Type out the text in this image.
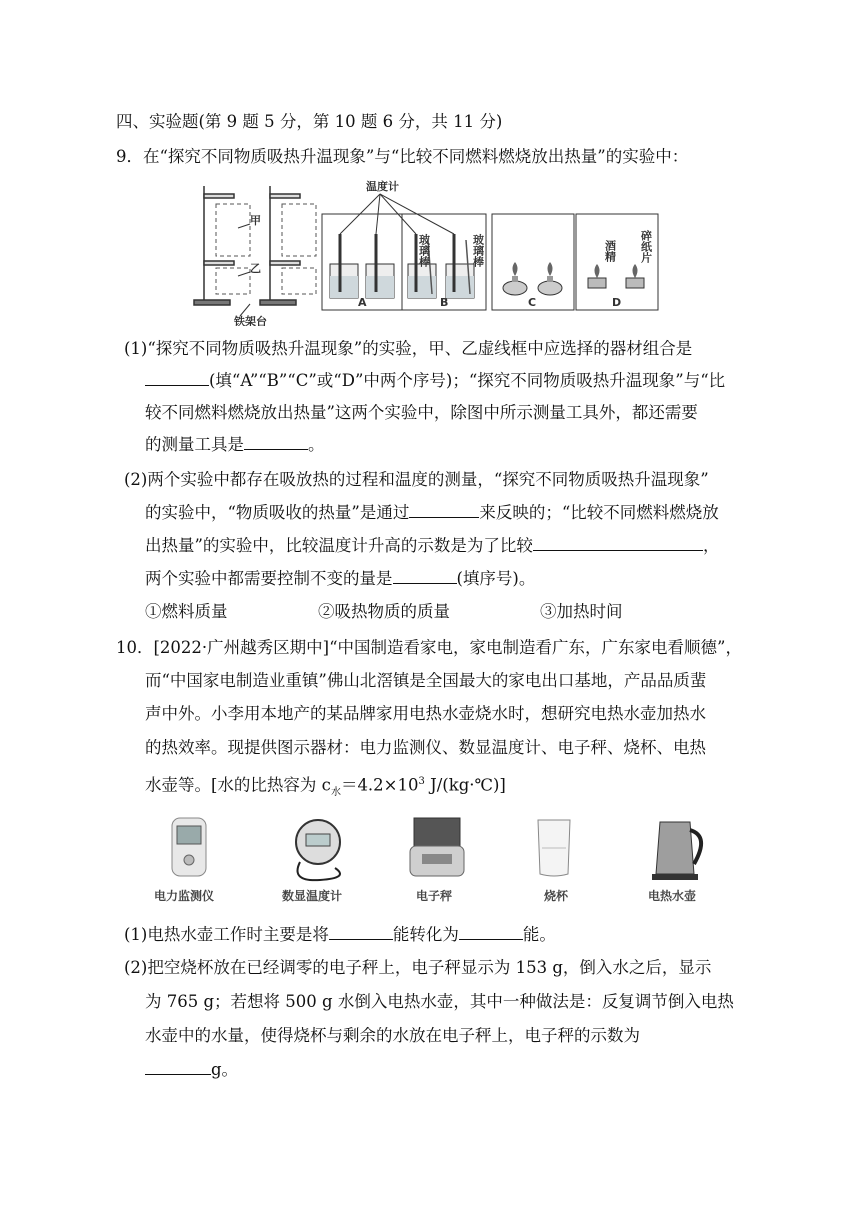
四、实验题(第 9 题 5 分，第 10 题 6 分，共 11 分)
9．在“探究不同物质吸热升温现象”与“比较不同燃料燃烧放出热量”的实验中：
甲
乙
铁架台
A	B
玻璃棒	玻璃棒
温度计
C	D
酒精 碎纸片
(1)“探究不同物质吸热升温现象”的实验，甲、乙虚线框中应选择的器材组合是
(填“A”“B”“C”或“D”中两个序号)；“探究不同物质吸热升温现象”与“比
较不同燃料燃烧放出热量”这两个实验中，除图中所示测量工具外，都还需要
的测量工具是	。
(2)两个实验中都存在吸放热的过程和温度的测量，“探究不同物质吸热升温现象”
的实验中，“物质吸收的热量”是通过	来反映的；“比较不同燃料燃烧放
出热量”的实验中，比较温度计升高的示数是为了比较	，
两个实验中都需要控制不变的量是	(填序号)。
①燃料质量	②吸热物质的质量	③加热时间
10．[2022·广州越秀区期中]“中国制造看家电，家电制造看广东，广东家电看顺德”，
而“中国家电制造业重镇”佛山北滘镇是全国最大的家电出口基地，产品品质蜚
声中外。小李用本地产的某品牌家用电热水壶烧水时，想研究电热水壶加热水
的热效率。现提供图示器材：电力监测仪、数显温度计、电子秤、烧杯、电热
水壶等。[水的比热容为 $c_水=4.2\times 10^3$ J/(kg·℃)]
电力监测仪	数显温度计	电子秤	烧杯	电热水壶
(1)电热水壶工作时主要是将	能转化为	能。
(2)把空烧杯放在已经调零的电子秤上，电子秤显示为 153 g，倒入水之后，显示
为 765 g；若想将 500 g 水倒入电热水壶，其中一种做法是：反复调节倒入电热
水壶中的水量，使得烧杯与剩余的水放在电子秤上，电子秤的示数为
g。
